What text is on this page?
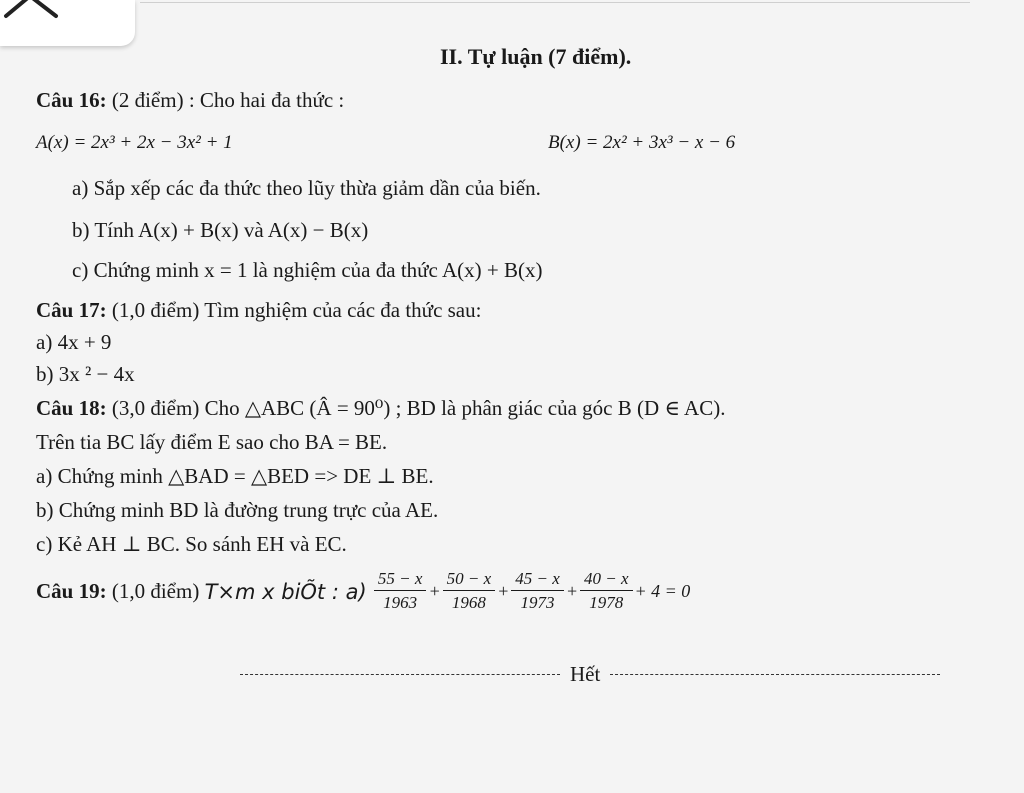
II. Tự luận (7 điểm).
Câu 16: (2 điểm) : Cho hai đa thức :
A(x) = 2x³ + 2x − 3x² + 1	B(x) = 2x² + 3x³ − x − 6
a) Sắp xếp các đa thức theo lũy thừa giảm dần của biến.
b) Tính A(x) + B(x) và A(x) − B(x)
c) Chứng minh x = 1 là nghiệm của đa thức A(x) + B(x)
Câu 17: (1,0 điểm) Tìm nghiệm của các đa thức sau:
a) 4x + 9
b) 3x ² − 4x
Câu 18: (3,0 điểm) Cho △ABC (Â = 90⁰) ; BD là phân giác của góc B (D ∈ AC).
Trên tia BC lấy điểm E sao cho BA = BE.
a) Chứng minh △BAD = △BED => DE ⊥ BE.
b) Chứng minh BD là đường trung trực của AE.
c) Kẻ AH ⊥ BC. So sánh EH và EC.
Câu 19:
(1,0 điểm)
T×m x biÕt : a)
$\frac{55 - x}{1963} + \frac{50 - x}{1968} + \frac{45 - x}{1973} + \frac{40 - x}{1978} + 4 = 0$
Hết
